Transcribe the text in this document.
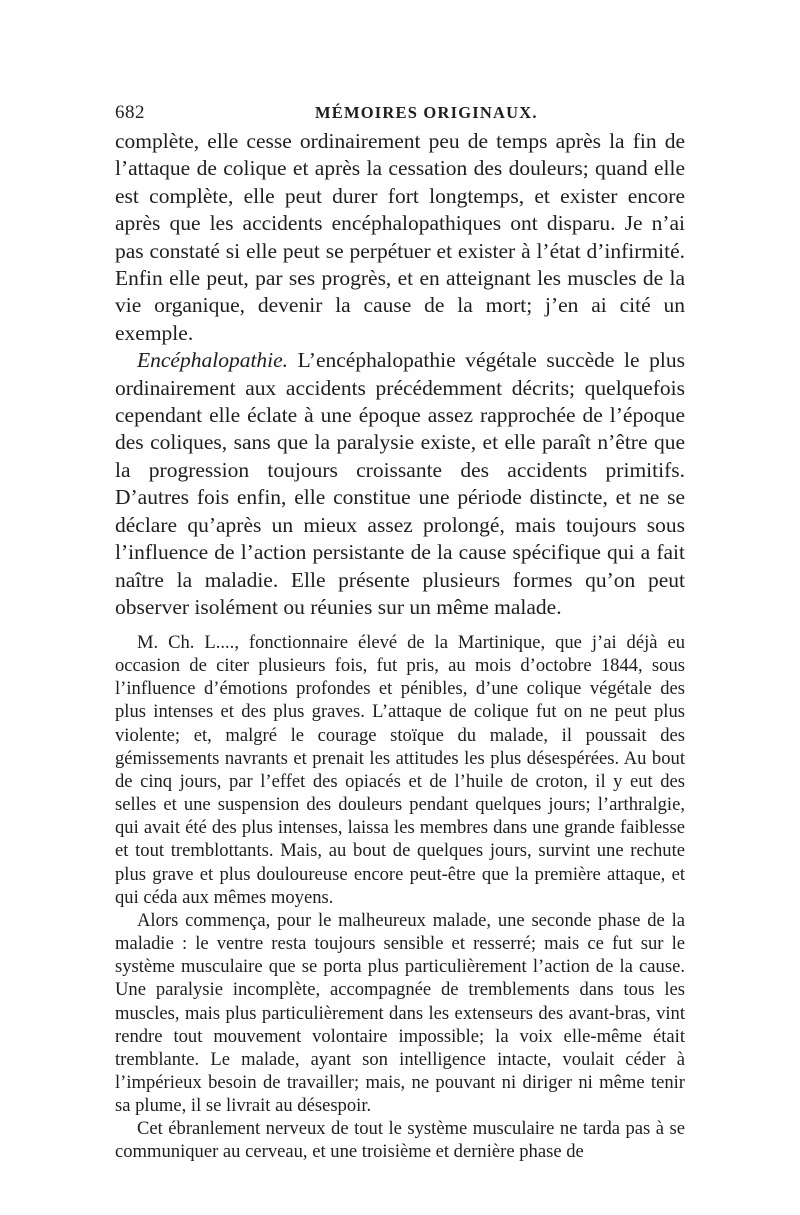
682	MÉMOIRES ORIGINAUX.

complète, elle cesse ordinairement peu de temps après la fin de l’attaque de colique et après la cessation des douleurs; quand elle est complète, elle peut durer fort longtemps, et exister encore après que les accidents encéphalopathiques ont disparu. Je n’ai pas constaté si elle peut se perpétuer et exister à l’état d’infirmité. Enfin elle peut, par ses progrès, et en atteignant les muscles de la vie organique, devenir la cause de la mort; j’en ai cité un exemple.

Encéphalopathie. L’encéphalopathie végétale succède le plus ordinairement aux accidents précédemment décrits; quelquefois cependant elle éclate à une époque assez rapprochée de l’époque des coliques, sans que la paralysie existe, et elle paraît n’être que la progression toujours croissante des accidents primitifs. D’autres fois enfin, elle constitue une période distincte, et ne se déclare qu’après un mieux assez prolongé, mais toujours sous l’influence de l’action persistante de la cause spécifique qui a fait naître la maladie. Elle présente plusieurs formes qu’on peut observer isolément ou réunies sur un même malade.

M. Ch. L...., fonctionnaire élevé de la Martinique, que j’ai déjà eu occasion de citer plusieurs fois, fut pris, au mois d’octobre 1844, sous l’influence d’émotions profondes et pénibles, d’une colique végétale des plus intenses et des plus graves. L’attaque de colique fut on ne peut plus violente; et, malgré le courage stoïque du malade, il poussait des gémissements navrants et prenait les attitudes les plus désespérées. Au bout de cinq jours, par l’effet des opiacés et de l’huile de croton, il y eut des selles et une suspension des douleurs pendant quelques jours; l’arthralgie, qui avait été des plus intenses, laissa les membres dans une grande faiblesse et tout tremblottants. Mais, au bout de quelques jours, survint une rechute plus grave et plus douloureuse encore peut-être que la première attaque, et qui céda aux mêmes moyens.

Alors commença, pour le malheureux malade, une seconde phase de la maladie : le ventre resta toujours sensible et resserré; mais ce fut sur le système musculaire que se porta plus particulièrement l’action de la cause. Une paralysie incomplète, accompagnée de tremblements dans tous les muscles, mais plus particulièrement dans les extenseurs des avant-bras, vint rendre tout mouvement volontaire impossible; la voix elle-même était tremblante. Le malade, ayant son intelligence intacte, voulait céder à l’impérieux besoin de travailler; mais, ne pouvant ni diriger ni même tenir sa plume, il se livrait au désespoir.

Cet ébranlement nerveux de tout le système musculaire ne tarda pas à se communiquer au cerveau, et une troisième et dernière phase de
